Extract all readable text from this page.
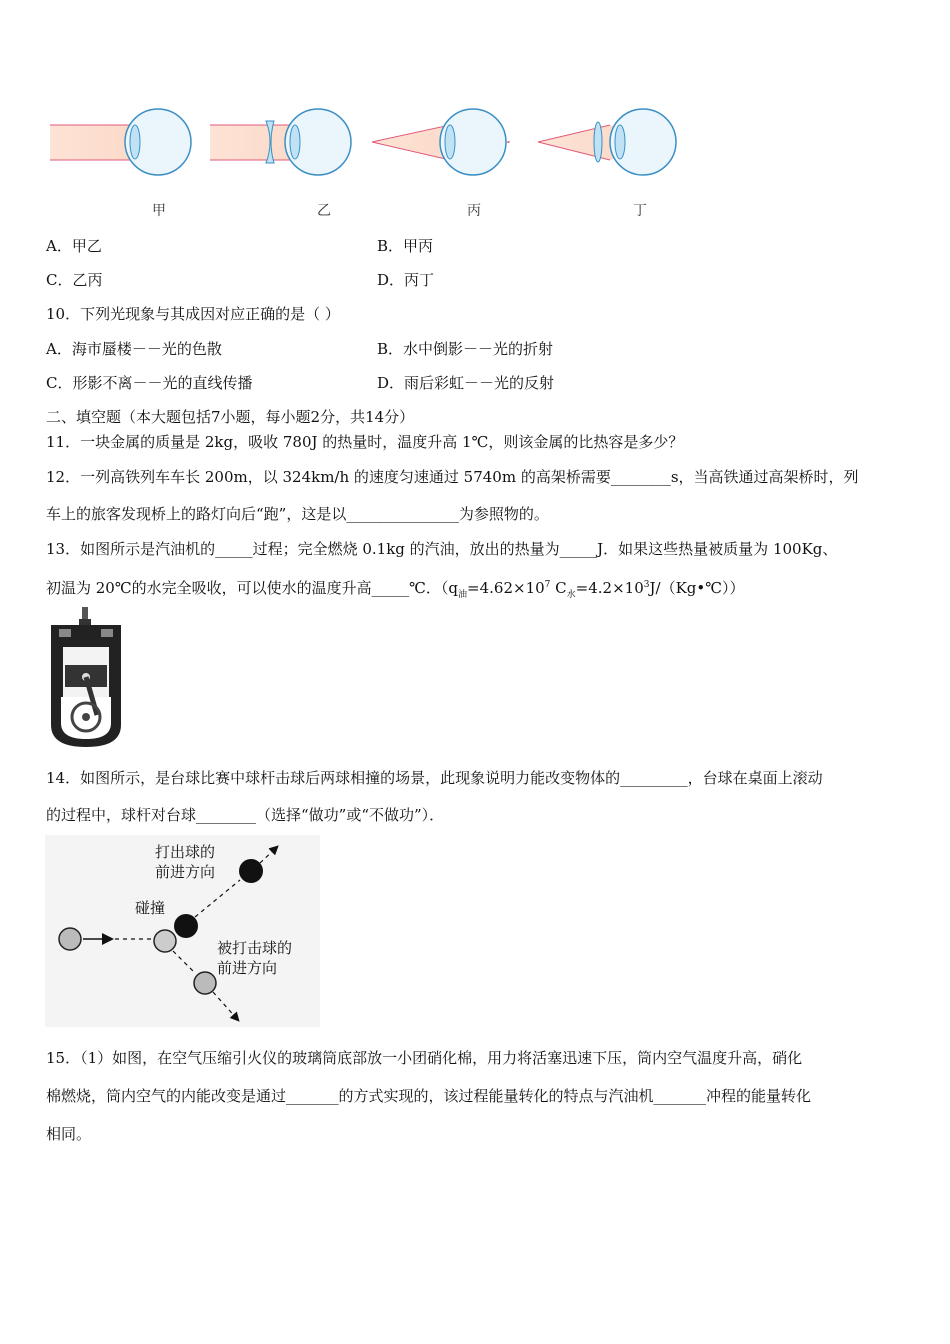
甲	乙	丙	丁
A．甲乙	B．甲丙
C．乙丙	D．丙丁
10．下列光现象与其成因对应正确的是（ ）
A．海市蜃楼－－光的色散	B．水中倒影－－光的折射
C．形影不离－－光的直线传播	D．雨后彩虹－－光的反射
二、填空题（本大题包括7小题，每小题2分，共14分）
11．一块金属的质量是 2kg，吸收 780J 的热量时，温度升高 1℃，则该金属的比热容是多少？
12．一列高铁列车车长 200m，以 324km/h 的速度匀速通过 5740m 的高架桥需要________s，当高铁通过高架桥时，列
车上的旅客发现桥上的路灯向后“跑”，这是以_______________为参照物的。
13．如图所示是汽油机的_____过程；完全燃烧 0.1kg 的汽油，放出的热量为_____J．如果这些热量被质量为 100Kg、
初温为 20℃的水完全吸收，可以使水的温度升高_____℃．（$q_油=4.62\times 10^7$ $C_水=4.2\times 10^3J/(Kg•℃)$）
14．如图所示，是台球比赛中球杆击球后两球相撞的场景，此现象说明力能改变物体的_________，台球在桌面上滚动
的过程中，球杆对台球________（选择“做功”或“不做功”）．
打出球的
前进方向
碰撞
被打击球的
前进方向
15．（1）如图，在空气压缩引火仪的玻璃筒底部放一小团硝化棉，用力将活塞迅速下压，筒内空气温度升高，硝化
棉燃烧，筒内空气的内能改变是通过_______的方式实现的，该过程能量转化的特点与汽油机_______冲程的能量转化
相同。
